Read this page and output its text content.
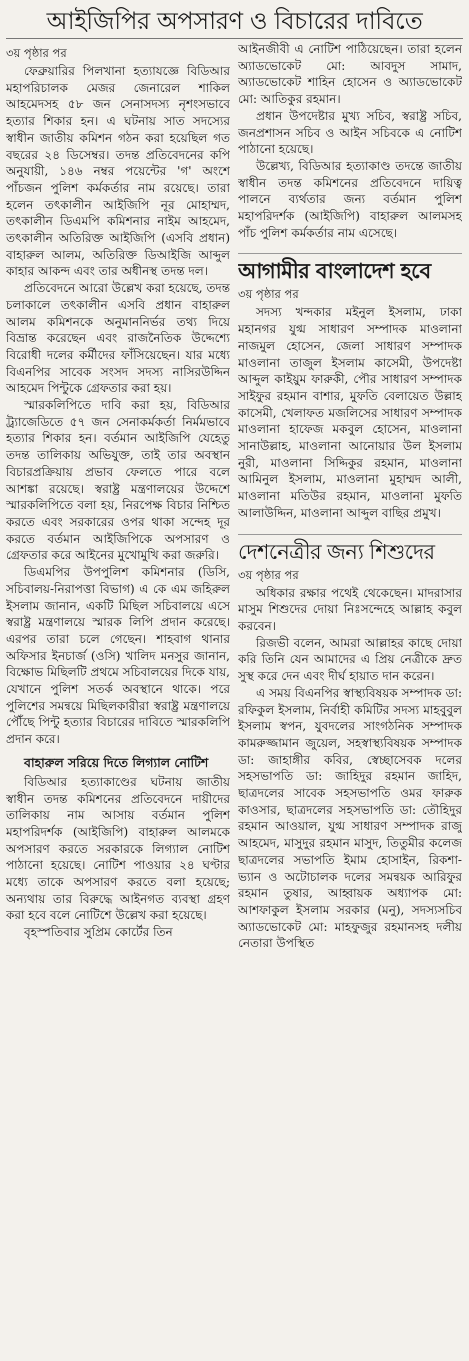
আইজিপির অপসারণ ও বিচারের দাবিতে
৩য় পৃষ্ঠার পর

ফেব্রুয়ারির পিলখানা হত্যাযজ্ঞে বিডিআর মহাপরিচালক মেজর জেনারেল শাকিল আহমেদসহ ৫৮ জন সেনাসদস্য নৃশংসভাবে হত্যার শিকার হন। এ ঘটনায় সাত সদস্যের স্বাধীন জাতীয় কমিশন গঠন করা হয়েছিল গত বছরের ২৪ ডিসেম্বর। তদন্ত প্রতিবেদনের কপি অনুযায়ী, ১৪৬ নম্বর পয়েন্টের 'গ' অংশে পাঁচজন পুলিশ কর্মকর্তার নাম রয়েছে। তারা হলেন তৎকালীন আইজিপি নূর মোহাম্মদ, তৎকালীন ডিএমপি কমিশনার নাইম আহমেদ, তৎকালীন অতিরিক্ত আইজিপি (এসবি প্রধান) বাহারুল আলম, অতিরিক্ত ডিআইজি আব্দুল কাহার আকন্দ এবং তার অধীনস্থ তদন্ত দল।

প্রতিবেদনে আরো উল্লেখ করা হয়েছে, তদন্ত চলাকালে তৎকালীন এসবি প্রধান বাহারুল আলম কমিশনকে অনুমাননির্ভর তথ্য দিয়ে বিভ্রান্ত করেছেন এবং রাজনৈতিক উদ্দেশ্যে বিরোধী দলের কর্মীদের ফাঁসিয়েছেন। যার মধ্যে বিএনপির সাবেক সংসদ সদস্য নাসিরউদ্দিন আহমেদ পিন্টুকে গ্রেফতার করা হয়।

স্মারকলিপিতে দাবি করা হয়, বিডিআর ট্র্যাজেডিতে ৫৭ জন সেনাকর্মকর্তা নির্মমভাবে হত্যার শিকার হন। বর্তমান আইজিপি যেহেতু তদন্ত তালিকায় অভিযুক্ত, তাই তার অবস্থান বিচারপ্রক্রিয়ায় প্রভাব ফেলতে পারে বলে আশঙ্কা রয়েছে। স্বরাষ্ট্র মন্ত্রণালয়ের উদ্দেশে স্মারকলিপিতে বলা হয়, নিরপেক্ষ বিচার নিশ্চিত করতে এবং সরকারের ওপর থাকা সন্দেহ দূর করতে বর্তমান আইজিপিকে অপসারণ ও গ্রেফতার করে আইনের মুখোমুখি করা জরুরি।

ডিএমপির উপপুলিশ কমিশনার (ডিসি, সচিবালয়-নিরাপত্তা বিভাগ) এ কে এম জহিরুল ইসলাম জানান, একটি মিছিল সচিবালয়ে এসে স্বরাষ্ট্র মন্ত্রণালয়ে স্মারক লিপি প্রদান করেছে। এরপর তারা চলে গেছেন। শাহবাগ থানার অফিসার ইনচার্জ (ওসি) খালিদ মনসুর জানান, বিক্ষোভ মিছিলটি প্রথমে সচিবালয়ের দিকে যায়, যেখানে পুলিশ সতর্ক অবস্থানে থাকে। পরে পুলিশের সমন্বয়ে মিছিলকারীরা স্বরাষ্ট্র মন্ত্রণালয়ে পৌঁছে পিন্টু হত্যার বিচারের দাবিতে স্মারকলিপি প্রদান করে।

বাহারুল সরিয়ে দিতে লিগ্যাল নোটিশ

বিডিআর হত্যাকাণ্ডের ঘটনায় জাতীয় স্বাধীন তদন্ত কমিশনের প্রতিবেদনে দায়ীদের তালিকায় নাম আসায় বর্তমান পুলিশ মহাপরিদর্শক (আইজিপি) বাহারুল আলমকে অপসারণ করতে সরকারকে লিগ্যাল নোটিশ পাঠানো হয়েছে। নোটিশ পাওয়ার ২৪ ঘণ্টার মধ্যে তাকে অপসারণ করতে বলা হয়েছে; অন্যথায় তার বিরুদ্ধে আইনগত ব্যবস্থা গ্রহণ করা হবে বলে নোটিশে উল্লেখ করা হয়েছে।

বৃহস্পতিবার সুপ্রিম কোর্টের তিন

আইনজীবী এ নোটিশ পাঠিয়েছেন। তারা হলেন অ্যাডভোকেট মো: আবদুস সামাদ, অ্যাডভোকেট শাহিন হোসেন ও অ্যাডভোকেট মো: আতিকুর রহমান।

প্রধান উপদেষ্টার মুখ্য সচিব, স্বরাষ্ট্র সচিব, জনপ্রশাসন সচিব ও আইন সচিবকে এ নোটিশ পাঠানো হয়েছে।

উল্লেখ্য, বিডিআর হত্যাকাণ্ড তদন্তে জাতীয় স্বাধীন তদন্ত কমিশনের প্রতিবেদনে দায়িত্ব পালনে ব্যর্থতার জন্য বর্তমান পুলিশ মহাপরিদর্শক (আইজিপি) বাহারুল আলমসহ পাঁচ পুলিশ কর্মকর্তার নাম এসেছে।

আগামীর বাংলাদেশ হবে
৩য় পৃষ্ঠার পর

সদস্য খন্দকার মইনুল ইসলাম, ঢাকা মহানগর যুগ্ম সাধারণ সম্পাদক মাওলানা নাজমুল হোসেন, জেলা সাধারণ সম্পাদক মাওলানা তাজুল ইসলাম কাসেমী, উপদেষ্টা আব্দুল কাইয়ুম ফারুকী, পৌর সাধারণ সম্পাদক সাইফুর রহমান বাশার, মুফতি বেলায়েত উল্লাহ কাসেমী, খেলাফত মজলিসের সাধারণ সম্পাদক মাওলানা হাফেজ মকবুল হোসেন, মাওলানা সানাউল্লাহ, মাওলানা আনোয়ার উল ইসলাম নুরী, মাওলানা সিদ্দিকুর রহমান, মাওলানা আমিনুল ইসলাম, মাওলানা মুহাম্মদ আলী, মাওলানা মতিউর রহমান, মাওলানা মুফতি আলাউদ্দিন, মাওলানা আব্দুল বাছির প্রমুখ।

দেশনেত্রীর জন্য শিশুদের
৩য় পৃষ্ঠার পর

অধিকার রক্ষার পথেই থেকেছেন। মাদরাসার মাসুম শিশুদের দোয়া নিঃসন্দেহে আল্লাহ কবুল করবেন।

রিজভী বলেন, আমরা আল্লাহর কাছে দোয়া করি তিনি যেন আমাদের এ প্রিয় নেত্রীকে দ্রুত সুস্থ করে দেন এবং দীর্ঘ হায়াত দান করেন।

এ সময় বিএনপির স্বাস্থ্যবিষয়ক সম্পাদক ডা: রফিকুল ইসলাম, নির্বাহী কমিটির সদস্য মাহবুবুল ইসলাম স্বপন, যুবদলের সাংগঠনিক সম্পাদক কামরুজ্জামান জুয়েল, সহস্বাস্থ্যবিষয়ক সম্পাদক ডা: জাহাঙ্গীর কবির, স্বেচ্ছাসেবক দলের সহসভাপতি ডা: জাহিদুর রহমান জাহিদ, ছাত্রদলের সাবেক সহসভাপতি ওমর ফারুক কাওসার, ছাত্রদলের সহসভাপতি ডা: তৌহিদুর রহমান আওয়াল, যুগ্ম সাধারণ সম্পাদক রাজু আহমেদ, মাসুদুর রহমান মাসুদ, তিতুমীর কলেজ ছাত্রদলের সভাপতি ইমাম হোসাইন, রিকশা-ভ্যান ও অটোচালক দলের সমন্বয়ক আরিফুর রহমান তুষার, আহ্বায়ক অধ্যাপক মো: আশফাকুল ইসলাম সরকার (মনু), সদস্যসচিব অ্যাডভোকেট মো: মাহফুজুর রহমানসহ দলীয় নেতারা উপস্থিত
